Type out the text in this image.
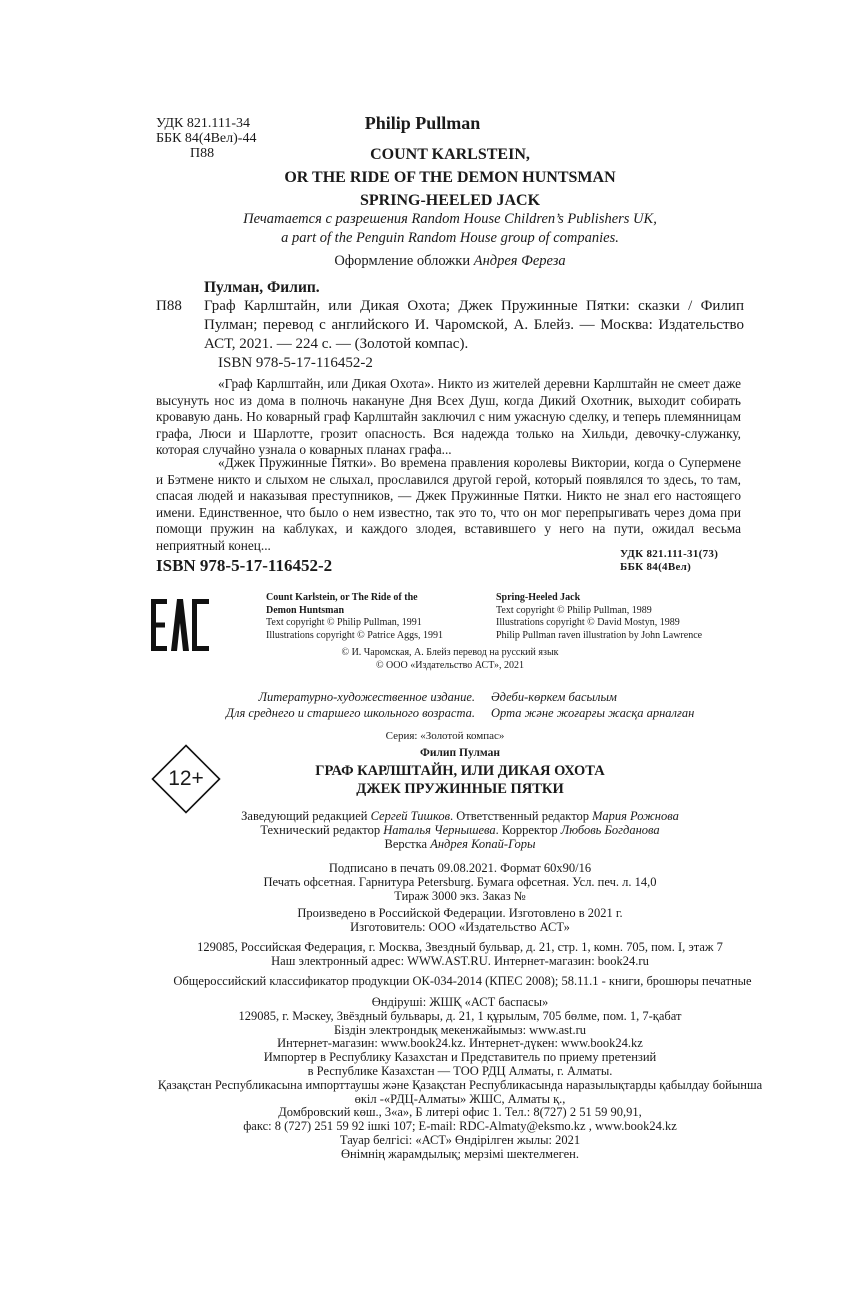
УДК 821.111-34
ББК 84(4Вел)-44
П88
Philip Pullman
COUNT KARLSTEIN,
OR THE RIDE OF THE DEMON HUNTSMAN
SPRING-HEELED JACK
Печатается с разрешения Random House Children’s Publishers UK,
a part of the Penguin Random House group of companies.
Оформление обложки Андрея Фереза
Пулман, Филип.
П88 Граф Карлштайн, или Дикая Охота; Джек Пружинные Пятки: сказки / Филип Пулман; перевод с английского И. Чаромской, А. Блейз. — Москва: Издательство АСТ, 2021. — 224 с. — (Золотой компас).
ISBN 978-5-17-116452-2
«Граф Карлштайн, или Дикая Охота». Никто из жителей деревни Карлштайн не смеет даже высунуть нос из дома в полночь накануне Дня Всех Душ, когда Дикий Охотник, выходит собирать кровавую дань. Но коварный граф Карлштайн заключил с ним ужасную сделку, и теперь племянницам графа, Люси и Шарлотте, грозит опасность. Вся надежда только на Хильди, девочку-служанку, которая случайно узнала о коварных планах графа...
«Джек Пружинные Пятки». Во времена правления королевы Виктории, когда о Супермене и Бэтмене никто и слыхом не слыхал, прославился другой герой, который появлялся то здесь, то там, спасая людей и наказывая преступников, — Джек Пружинные Пятки. Никто не знал его настоящего имени. Единственное, что было о нем известно, так это то, что он мог перепрыгивать через дома при помощи пружин на каблуках, и каждого злодея, вставившего у него на пути, ожидал весьма неприятный конец...
ISBN 978-5-17-116452-2
УДК 821.111-31(73)
ББК 84(4Вел)
Count Karlstein, or The Ride of the
Demon Huntsman
Text copyright © Philip Pullman, 1991
Illustrations copyright © Patrice Aggs, 1991
Spring-Heeled Jack
Text copyright © Philip Pullman, 1989
Illustrations copyright © David Mostyn, 1989
Philip Pullman raven illustration by John Lawrence
© И. Чаромская, А. Блейз перевод на русский язык
© ООО «Издательство АСТ», 2021
Литературно-художественное издание.
Для среднего и старшего школьного возраста.
Әдеби-көркем басылым
Орта және жоғарғы жасқа арналған
Серия: «Золотой компас»
12+
Филип Пулман
ГРАФ КАРЛШТАЙН, ИЛИ ДИКАЯ ОХОТА
ДЖЕК ПРУЖИННЫЕ ПЯТКИ
Заведующий редакцией Сергей Тишков. Ответственный редактор Мария Рожнова
Технический редактор Наталья Чернышева. Корректор Любовь Богданова
Верстка Андрея Копай-Горы
Подписано в печать 09.08.2021. Формат 60x90/16
Печать офсетная. Гарнитура Petersburg. Бумага офсетная. Усл. печ. л. 14,0
Тираж 3000 экз. Заказ №
Произведено в Российской Федерации. Изготовлено в 2021 г.
Изготовитель: ООО «Издательство АСТ»
129085, Российская Федерация, г. Москва, Звездный бульвар, д. 21, стр. 1, комн. 705, пом. I, этаж 7
Наш электронный адрес: WWW.AST.RU. Интернет-магазин: book24.ru
Общероссийский классификатор продукции ОК-034-2014 (КПЕС 2008); 58.11.1 - книги, брошюры печатные
Өндіруші: ЖШҚ «АСТ баспасы»
129085, г. Мәскеу, Звёздный бульвары, д. 21, 1 құрылым, 705 бөлме, пом. 1, 7-қабат
Біздін электрондық мекенжайымыз: www.ast.ru
Интернет-магазин: www.book24.kz. Интернет-дүкен: www.book24.kz
Импортер в Республику Казахстан и Представитель по приему претензий
в Республике Казахстан — ТОО РДЦ Алматы, г. Алматы.
Қазақстан Республикасына импорттаушы және Қазақстан Республикасында наразылықтарды қабылдау бойынша
өкіл -«РДЦ-Алматы» ЖШС, Алматы қ.,
Домбровский көш., 3«а», Б литері офис 1. Тел.: 8(727) 2 51 59 90,91,
факс: 8 (727) 251 59 92 ішкі 107; E-mail: RDC-Almaty@eksmo.kz , www.book24.kz
Тауар белгісі: «АСТ» Өндірілген жылы: 2021
Өнімнің жарамдылық; мерзімі шектелмеген.
